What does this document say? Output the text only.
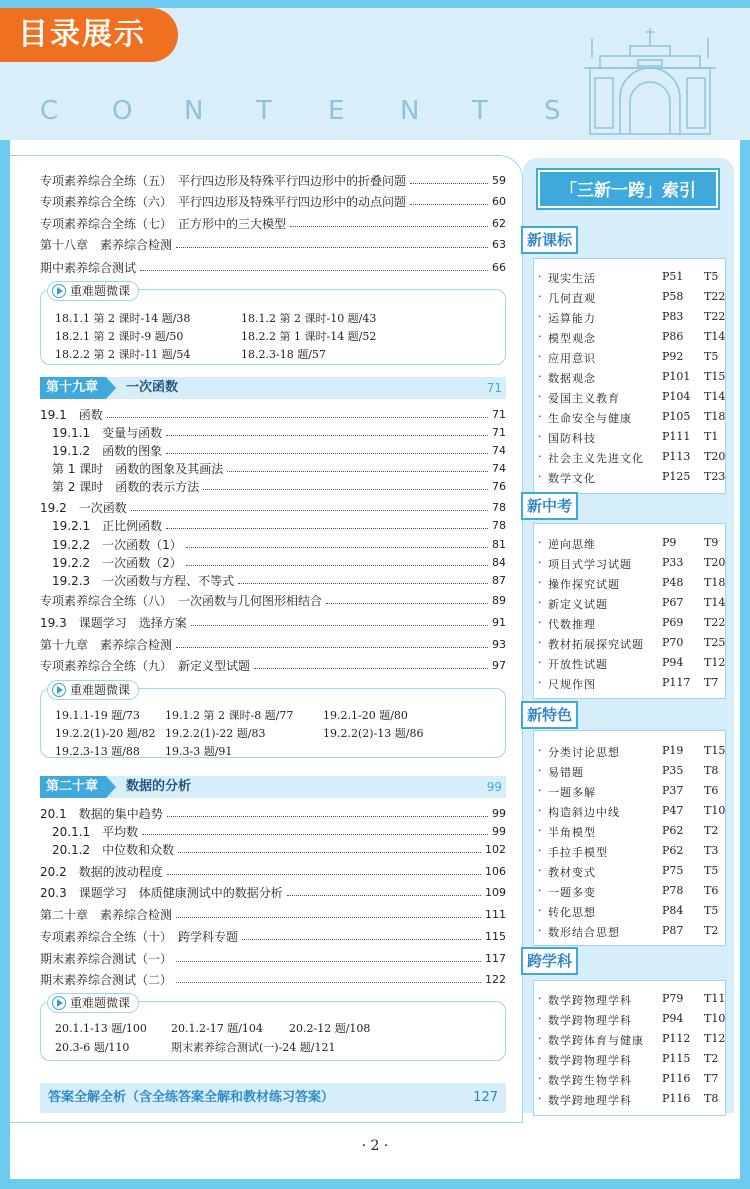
目录展示
C O N T E N T S
专项素养综合全练（五）　平行四边形及特殊平行四边形中的折叠问题	59
专项素养综合全练（六）　平行四边形及特殊平行四边形中的动点问题	60
专项素养综合全练（七）　正方形中的三大模型	62
第十八章　素养综合检测	63
期中素养综合测试	66
19.1　函数	71
19.1.1　变量与函数	71
19.1.2　函数的图象	74
第 1 课时　函数的图象及其画法	74
第 2 课时　函数的表示方法	76
19.2　一次函数	78
19.2.1　正比例函数	78
19.2.2　一次函数（1）	81
19.2.2　一次函数（2）	84
19.2.3　一次函数与方程、不等式	87
专项素养综合全练（八）　一次函数与几何图形相结合	89
19.3　课题学习　选择方案	91
第十九章　素养综合检测	93
专项素养综合全练（九）　新定义型试题	97
20.1　数据的集中趋势	99
20.1.1　平均数	99
20.1.2　中位数和众数	102
20.2　数据的波动程度	106
20.3　课题学习　体质健康测试中的数据分析	109
第二十章　素养综合检测	111
专项素养综合全练（十）　跨学科专题	115
期末素养综合测试（一）	117
期末素养综合测试（二）	122
重难题微课
18.1.1 第 2 课时-14 题/38	18.1.2 第 2 课时-10 题/43
18.2.1 第 2 课时-9 题/50	18.2.2 第 1 课时-14 题/52
18.2.2 第 2 课时-11 题/54	18.2.3-18 题/57
第十九章	一次函数	71
重难题微课
19.1.1-19 题/73 19.1.2 第 2 课时-8 题/77	19.2.1-20 题/80
19.2.2(1)-20 题/82 19.2.2(1)-22 题/83	19.2.2(2)-13 题/86
19.2.3-13 题/88 19.3-3 题/91
第二十章	数据的分析	99
重难题微课
20.1.1-13 题/100 20.1.2-17 题/104 20.2-12 题/108
20.3-6 题/110	期末素养综合测试(一)-24 题/121
答案全解全析（含全练答案全解和教材练习答案）	127
· 2 ·
「三新一跨」索引
新课标
· 现实生活	P51 T5
· 几何直观	P58 T22
· 运算能力	P83 T22
· 模型观念	P86 T14
· 应用意识	P92 T5
· 数据观念	P101 T15
· 爱国主义教育	P104 T14
· 生命安全与健康	P105 T18
· 国防科技	P111 T1
· 社会主义先进文化 P113 T20
· 数学文化	P125 T23
新中考
· 逆向思维	P9	T9
· 项目式学习试题	P33 T20
· 操作探究试题	P48 T18
· 新定义试题	P67 T14
· 代数推理	P69 T22
· 教材拓展探究试题 P70 T25
· 开放性试题	P94 T12
· 尺规作图	P117 T7
新特色
· 分类讨论思想	P19 T15
· 易错题	P35 T8
· 一题多解	P37 T6
· 构造斜边中线	P47 T10
· 半角模型	P62 T2
· 手拉手模型	P62 T3
· 教材变式	P75 T5
· 一题多变	P78 T6
· 转化思想	P84 T5
· 数形结合思想	P87 T2
跨学科
· 数学跨物理学科	P79 T11
· 数学跨物理学科	P94 T10
· 数学跨体育与健康 P112 T12
· 数学跨物理学科	P115 T2
· 数学跨生物学科	P116 T7
· 数学跨地理学科	P116 T8
